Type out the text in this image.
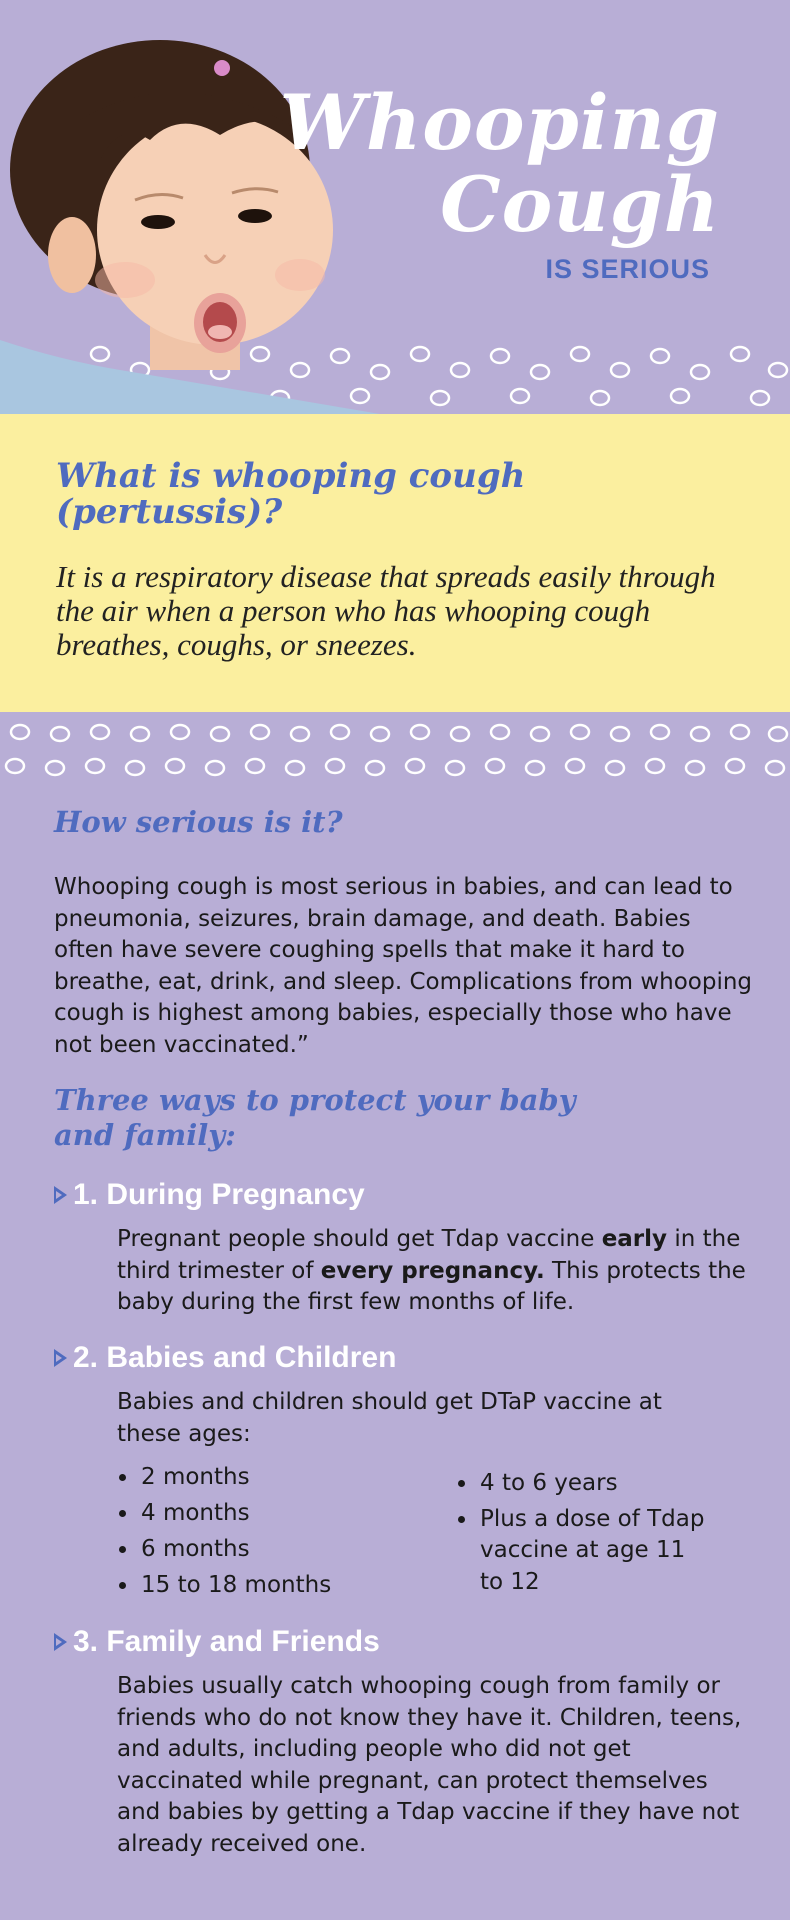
Whooping
Cough
IS SERIOUS
What is whooping cough (pertussis)?
It is a respiratory disease that spreads easily through the air when a person who has whooping cough breathes, coughs, or sneezes.
How serious is it?

Whooping cough is most serious in babies, and can lead to pneumonia, seizures, brain damage, and death. Babies often have severe coughing spells that make it hard to breathe, eat, drink, and sleep. Complications from whooping cough is highest among babies, especially those who have not been vaccinated.”

Three ways to protect your baby and family:
1. During Pregnancy
Pregnant people should get Tdap vaccine early in the third trimester of every pregnancy. This protects the baby during the first few months of life.
2. Babies and Children
Babies and children should get DTaP vaccine at these ages:
• 2 months
• 4 months
• 6 months
• 15 to 18 months
• 4 to 6 years
• Plus a dose of Tdap vaccine at age 11 to 12
3. Family and Friends
Babies usually catch whooping cough from family or friends who do not know they have it. Children, teens, and adults, including people who did not get vaccinated while pregnant, can protect themselves and babies by getting a Tdap vaccine if they have not already received one.
